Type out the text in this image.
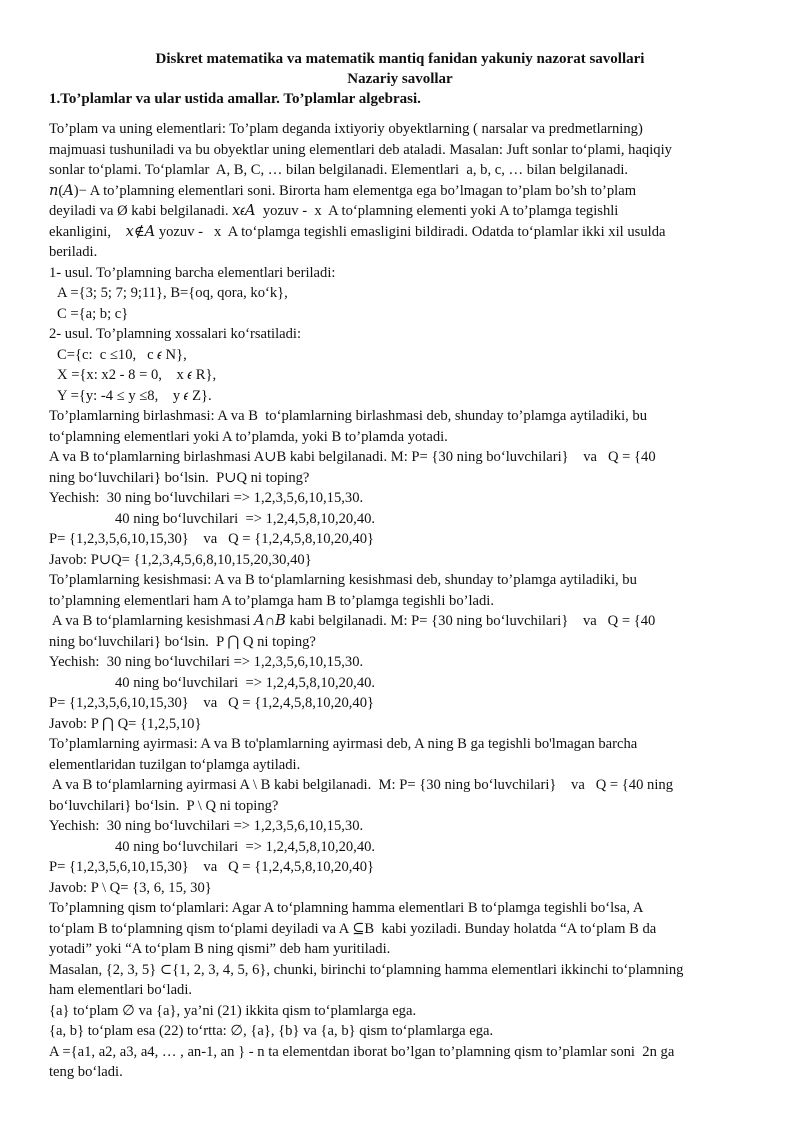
Diskret matematika va matematik mantiq fanidan yakuniy nazorat savollari
Nazariy savollar
1.To’plamlar va ular ustida amallar. To’plamlar algebrasi.
To’plam va uning elementlari: To’plam deganda ixtiyoriy obyektlarning ( narsalar va predmetlarning)
majmuasi tushuniladi va bu obyektlar uning elementlari deb ataladi. Masalan: Juft sonlar to‘plami, haqiqiy
sonlar to‘plami. To‘plamlar  A, B, C, … bilan belgilanadi. Elementlari  a, b, c, … bilan belgilanadi.
𝑛(𝐴)− A to’plamning elementlari soni. Birorta ham elementga ega bo’lmagan to’plam bo’sh to’plam
deyiladi va Ø kabi belgilanadi. 𝑥𝜖𝐴  yozuv -  x  A to‘plamning elementi yoki A to’plamga tegishli
ekanligini,    𝑥∉𝐴 yozuv -   x  A to‘plamga tegishli emasligini bildiradi. Odatda to‘plamlar ikki xil usulda
beriladi.
1- usul. To’plamning barcha elementlari beriladi:
A ={3; 5; 7; 9;11}, B={oq, qora, ko‘k},
C ={a; b; c}
2- usul. To’plamning xossalari ko‘rsatiladi:
C={c:  c ≤10,   c 𝜖 N},
X ={x: x2 - 8 = 0,    x 𝜖 R},
Y ={y: -4 ≤ y ≤8,    y 𝜖 Z}.
To’plamlarning birlashmasi: A va B  to‘plamlarning birlashmasi deb, shunday to’plamga aytiladiki, bu
to‘plamning elementlari yoki A to’plamda, yoki B to’plamda yotadi.
A va B to‘plamlarning birlashmasi A∪B kabi belgilanadi. M: P= {30 ning bo‘luvchilari}    va   Q = {40
ning bo‘luvchilari} bo‘lsin.  P∪Q ni toping?
Yechish:  30 ning bo‘luvchilari => 1,2,3,5,6,10,15,30.
40 ning bo‘luvchilari  => 1,2,4,5,8,10,20,40.
P= {1,2,3,5,6,10,15,30}    va   Q = {1,2,4,5,8,10,20,40}
Javob: P∪Q= {1,2,3,4,5,6,8,10,15,20,30,40}
To’plamlarning kesishmasi: A va B to‘plamlarning kesishmasi deb, shunday to’plamga aytiladiki, bu
to’plamning elementlari ham A to’plamga ham B to’plamga tegishli bo’ladi.
A va B to‘plamlarning kesishmasi 𝐴∩𝐵 kabi belgilanadi. M: P= {30 ning bo‘luvchilari}    va   Q = {40
ning bo‘luvchilari} bo‘lsin.  P ⋂ Q ni toping?
Yechish:  30 ning bo‘luvchilari => 1,2,3,5,6,10,15,30.
40 ning bo‘luvchilari  => 1,2,4,5,8,10,20,40.
P= {1,2,3,5,6,10,15,30}    va   Q = {1,2,4,5,8,10,20,40}
Javob: P ⋂ Q= {1,2,5,10}
To’plamlarning ayirmasi: A va B to'plamlarning ayirmasi deb, A ning B ga tegishli bo'lmagan barcha
elementlaridan tuzilgan to‘plamga aytiladi.
A va B to‘plamlarning ayirmasi A \ B kabi belgilanadi.  M: P= {30 ning bo‘luvchilari}    va   Q = {40 ning
bo‘luvchilari} bo‘lsin.  P \ Q ni toping?
Yechish:  30 ning bo‘luvchilari => 1,2,3,5,6,10,15,30.
40 ning bo‘luvchilari  => 1,2,4,5,8,10,20,40.
P= {1,2,3,5,6,10,15,30}    va   Q = {1,2,4,5,8,10,20,40}
Javob: P \ Q= {3, 6, 15, 30}
To’plamning qism to‘plamlari: Agar A to‘plamning hamma elementlari B to‘plamga tegishli bo‘lsa, A
to‘plam B to‘plamning qism to‘plami deyiladi va A ⊆B  kabi yoziladi. Bunday holatda “A to‘plam B da
yotadi” yoki “A to‘plam B ning qismi” deb ham yuritiladi.
Masalan, {2, 3, 5} ⊂{1, 2, 3, 4, 5, 6}, chunki, birinchi to‘plamning hamma elementlari ikkinchi to‘plamning
ham elementlari bo‘ladi.
{a} to‘plam ∅ va {a}, ya’ni (21) ikkita qism to‘plamlarga ega.
{a, b} to‘plam esa (22) to‘rtta: ∅, {a}, {b} va {a, b} qism to‘plamlarga ega.
A ={a1, a2, a3, a4, … , an-1, an } - n ta elementdan iborat bo’lgan to’plamning qism to’plamlar soni  2n ga
teng bo‘ladi.
